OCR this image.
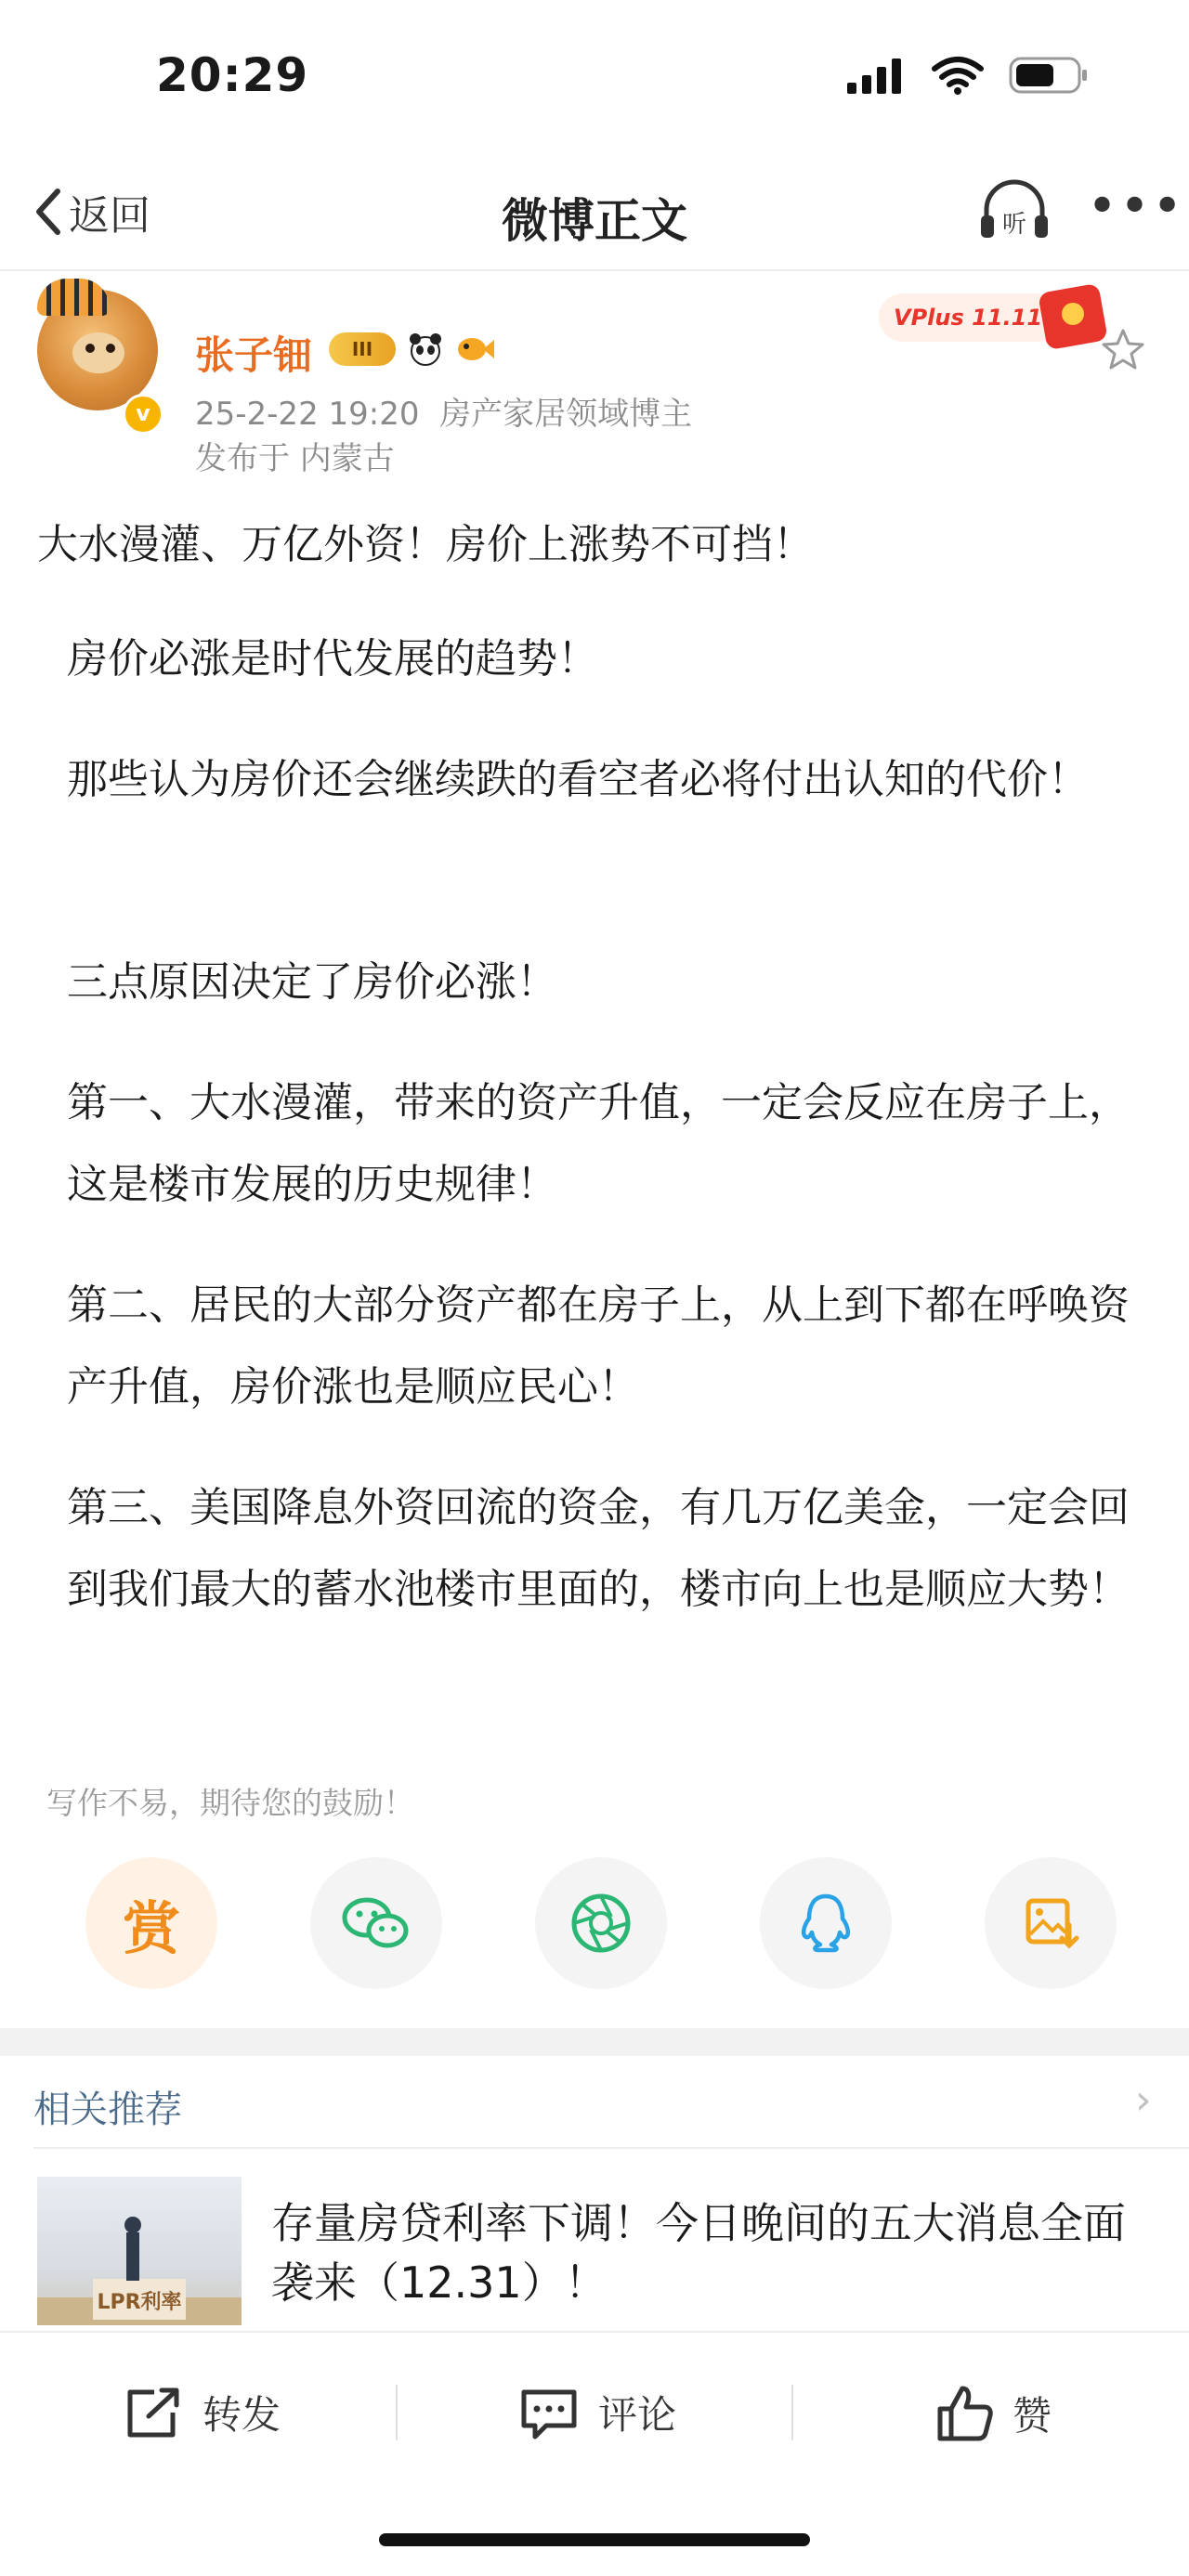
20:29
返回	微博正文	听 •••
v
张子钿	III
25-2-22 19:20 房产家居领域博主
发布于 内蒙古
VPlus 11.11
大水漫灌、万亿外资！房价上涨势不可挡！
房价必涨是时代发展的趋势！
那些认为房价还会继续跌的看空者必将付出认知的代价！
三点原因决定了房价必涨！
第一、大水漫灌，带来的资产升值，一定会反应在房子上，这是楼市发展的历史规律！
第二、居民的大部分资产都在房子上，从上到下都在呼唤资产升值，房价涨也是顺应民心！
第三、美国降息外资回流的资金，有几万亿美金，一定会回到我们最大的蓄水池楼市里面的，楼市向上也是顺应大势！
写作不易，期待您的鼓励！
赏
相关推荐	›
LPR利率
存量房贷利率下调！今日晚间的五大消息全面袭来（12.31）！
转发	评论	赞
